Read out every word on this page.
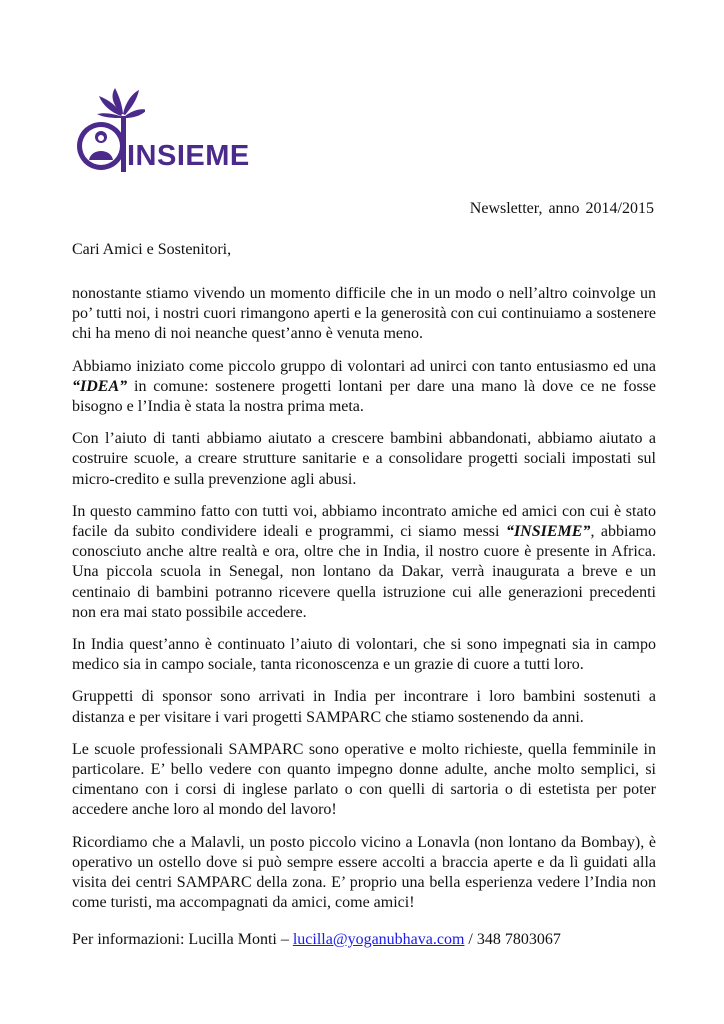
INSIEME
Newsletter, anno 2014/2015
Cari Amici e Sostenitori,

nonostante stiamo vivendo un momento difficile che in un modo o nell’altro coinvolge un po’ tutti noi, i nostri cuori rimangono aperti e la generosità con cui continuiamo a sostenere chi ha meno di noi neanche quest’anno è venuta meno.

Abbiamo iniziato come piccolo gruppo di volontari ad unirci con tanto entusiasmo ed una “IDEA” in comune: sostenere progetti lontani per dare una mano là dove ce ne fosse bisogno e l’India è stata la nostra prima meta.

Con l’aiuto di tanti abbiamo aiutato a crescere bambini abbandonati, abbiamo aiutato a costruire scuole, a creare strutture sanitarie e a consolidare progetti sociali impostati sul micro-credito e sulla prevenzione agli abusi.

In questo cammino fatto con tutti voi, abbiamo incontrato amiche ed amici con cui è stato facile da subito condividere ideali e programmi, ci siamo messi “INSIEME”, abbiamo conosciuto anche altre realtà e ora, oltre che in India, il nostro cuore è presente in Africa. Una piccola scuola in Senegal, non lontano da Dakar, verrà inaugurata a breve e un centinaio di bambini potranno ricevere quella istruzione cui alle generazioni precedenti non era mai stato possibile accedere.

In India quest’anno è continuato l’aiuto di volontari, che si sono impegnati sia in campo medico sia in campo sociale, tanta riconoscenza e un grazie di cuore a tutti loro.

Gruppetti di sponsor sono arrivati in India per incontrare i loro bambini sostenuti a distanza e per visitare i vari progetti SAMPARC che stiamo sostenendo da anni.

Le scuole professionali SAMPARC sono operative e molto richieste, quella femminile in particolare. E’ bello vedere con quanto impegno donne adulte, anche molto semplici, si cimentano con i corsi di inglese parlato o con quelli di sartoria o di estetista per poter accedere anche loro al mondo del lavoro!

Ricordiamo che a Malavli, un posto piccolo vicino a Lonavla (non lontano da Bombay), è operativo un ostello dove si può sempre essere accolti a braccia aperte e da lì guidati alla visita dei centri SAMPARC della zona. E’ proprio una bella esperienza vedere l’India non come turisti, ma accompagnati da amici, come amici!

Per informazioni: Lucilla Monti – lucilla@yoganubhava.com / 348 7803067
